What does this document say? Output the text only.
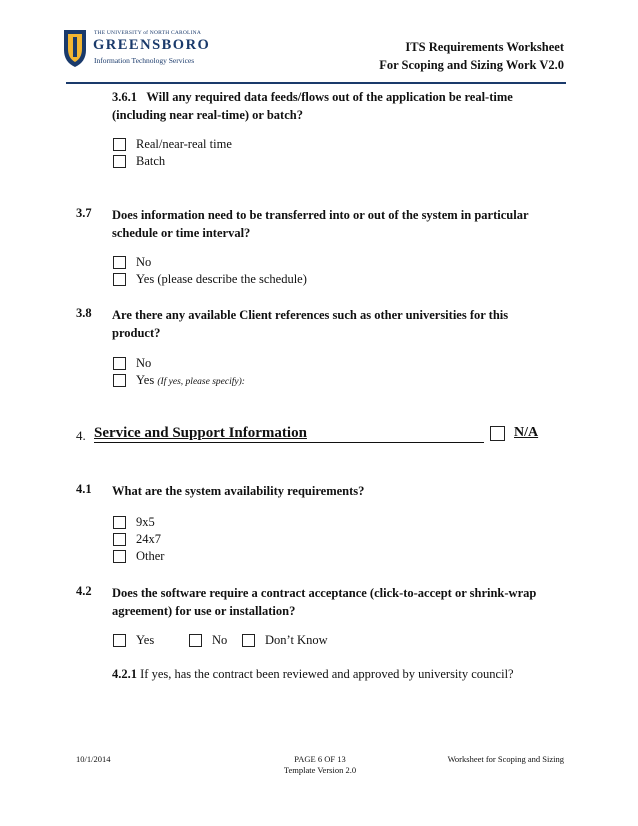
THE UNIVERSITY of NORTH CAROLINA
GREENSBORO
Information Technology Services
ITS Requirements Worksheet
For Scoping and Sizing Work V2.0
3.6.1 Will any required data feeds/flows out of the application be real-time (including near real-time) or batch?
Real/near-real time
Batch
3.7 Does information need to be transferred into or out of the system in particular schedule or time interval?
No
Yes (please describe the schedule)
3.8 Are there any available Client references such as other universities for this product?
No
Yes (If yes, please specify):
4. Service and Support Information	N/A
4.1 What are the system availability requirements?
9x5
24x7
Other
4.2 Does the software require a contract acceptance (click-to-accept or shrink-wrap agreement) for use or installation?
Yes	No	Don’t Know
4.2.1 If yes, has the contract been reviewed and approved by university council?
10/1/2014	PAGE 6 OF 13
Template Version 2.0
Worksheet for Scoping and Sizing
